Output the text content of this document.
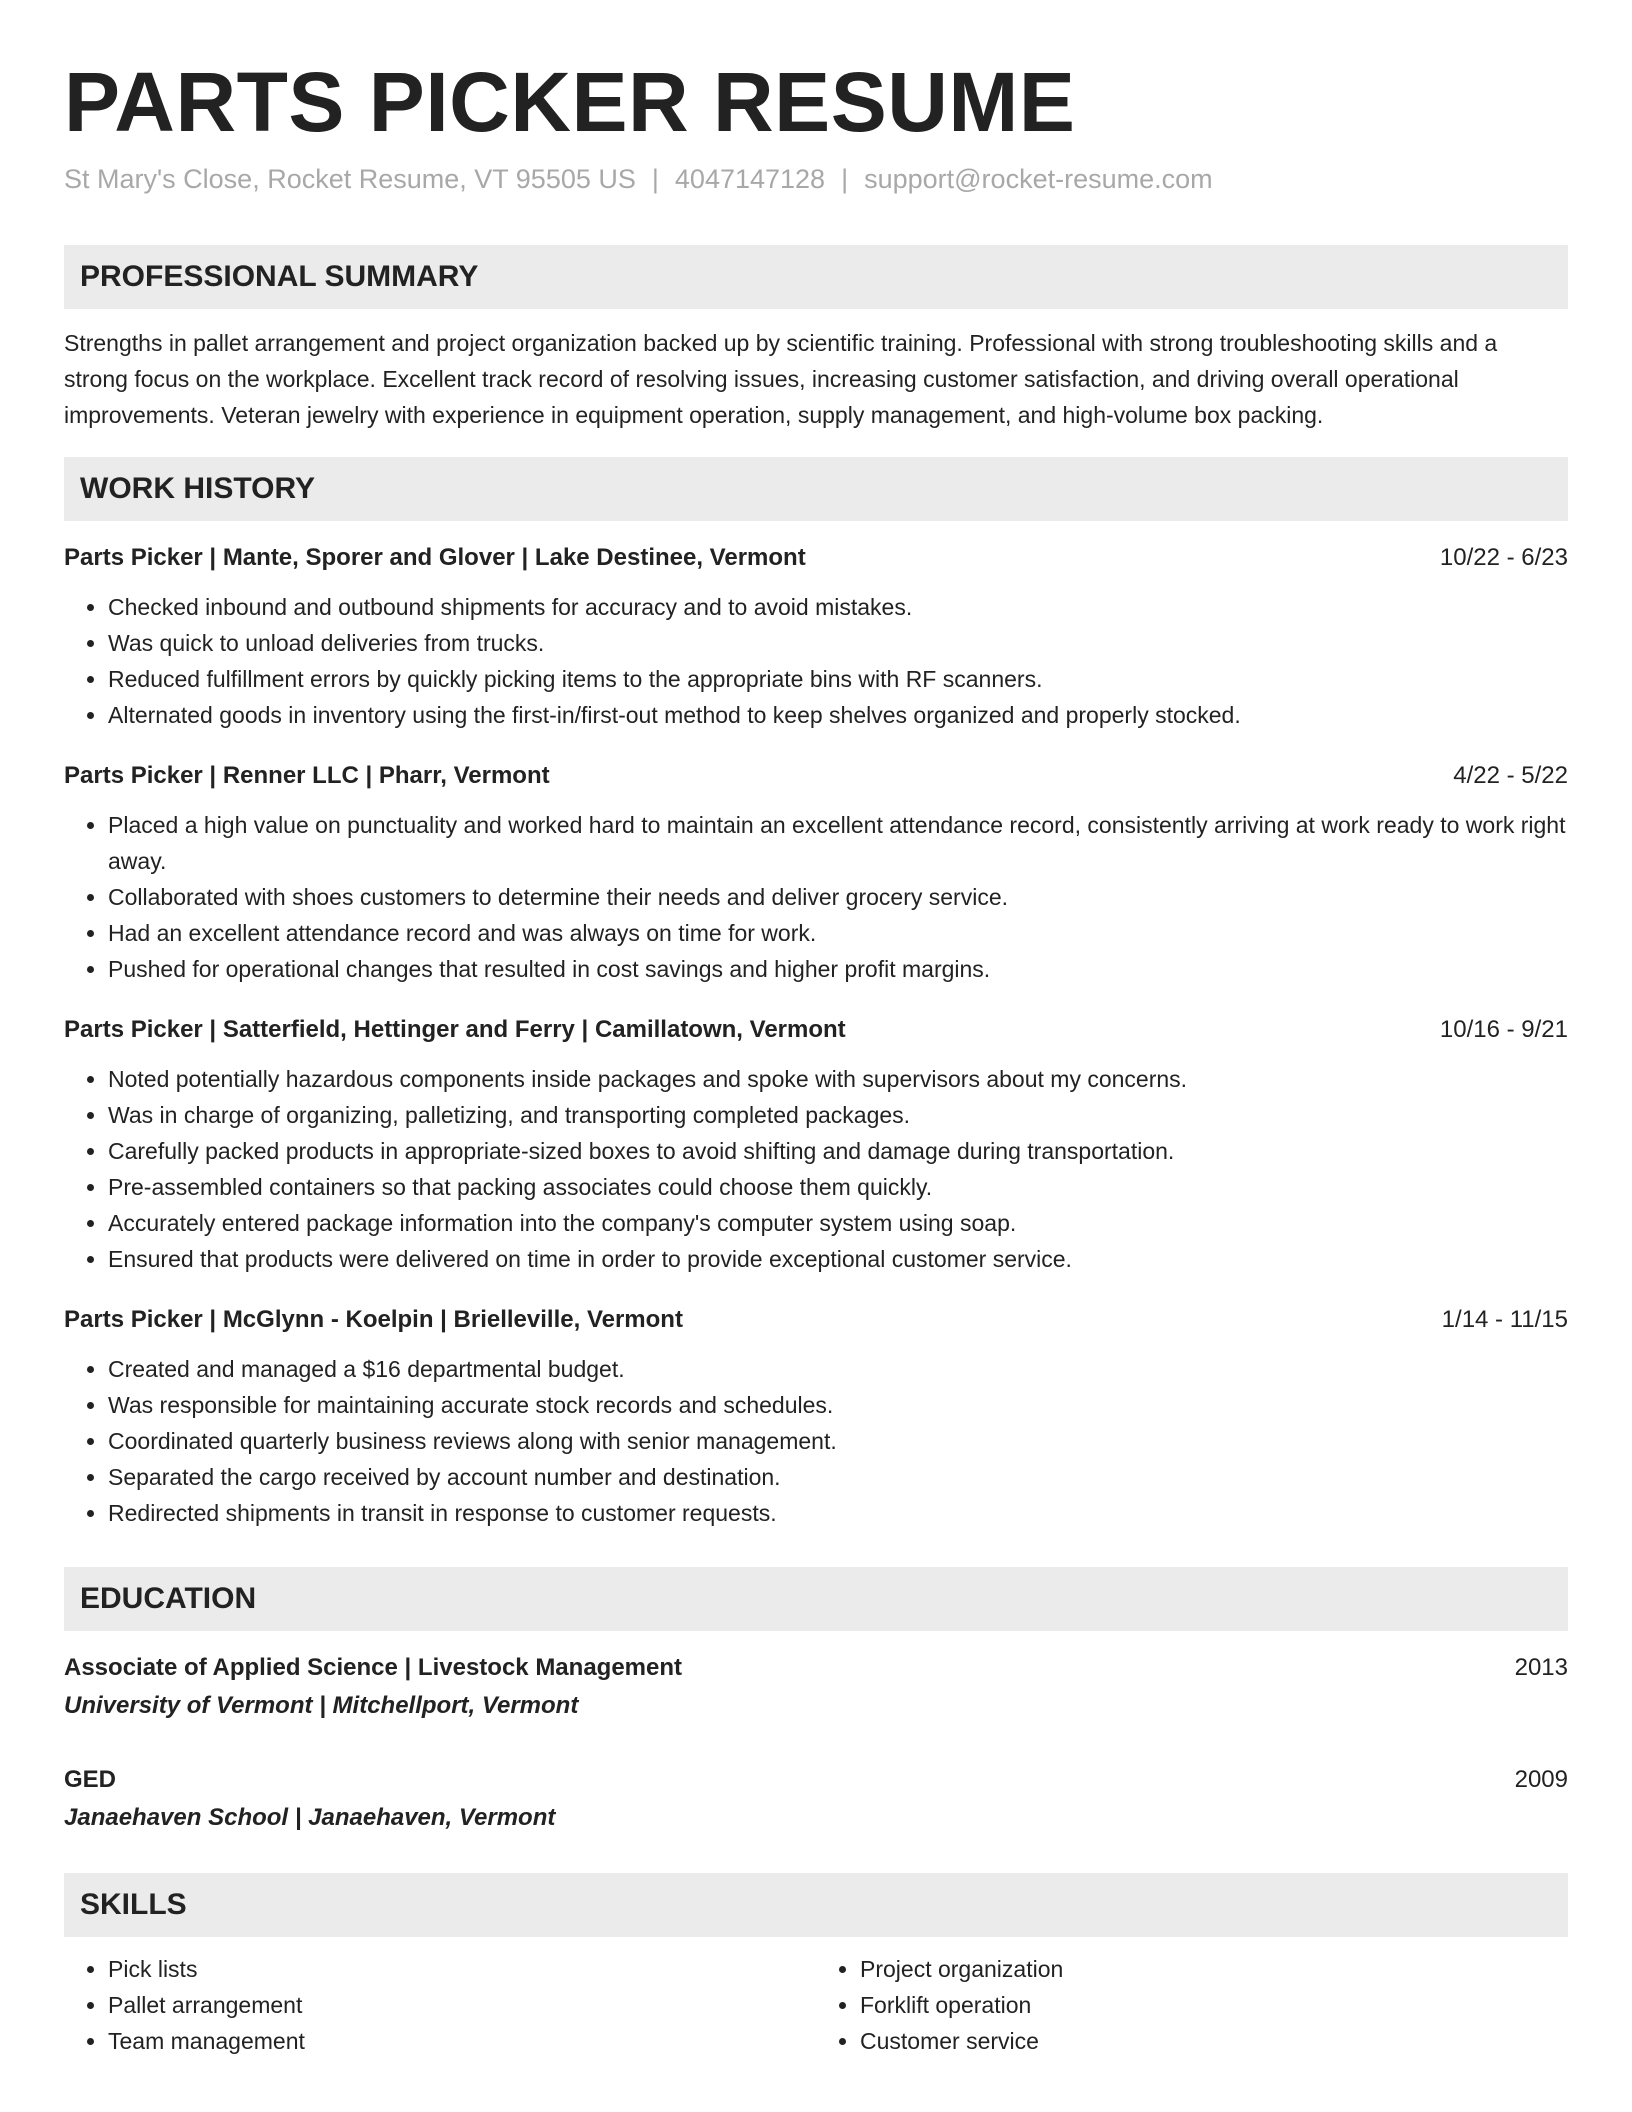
PARTS PICKER RESUME
St Mary's Close, Rocket Resume, VT 95505 US | 4047147128 | support@rocket-resume.com
PROFESSIONAL SUMMARY

Strengths in pallet arrangement and project organization backed up by scientific training. Professional with strong troubleshooting skills and a strong focus on the workplace. Excellent track record of resolving issues, increasing customer satisfaction, and driving overall operational improvements. Veteran jewelry with experience in equipment operation, supply management, and high-volume box packing.

WORK HISTORY
Parts Picker | Mante, Sporer and Glover | Lake Destinee, Vermont	10/22 - 6/23
• Checked inbound and outbound shipments for accuracy and to avoid mistakes.
• Was quick to unload deliveries from trucks.
• Reduced fulfillment errors by quickly picking items to the appropriate bins with RF scanners.
• Alternated goods in inventory using the first-in/first-out method to keep shelves organized and properly stocked.
Parts Picker | Renner LLC | Pharr, Vermont	4/22 - 5/22
• Placed a high value on punctuality and worked hard to maintain an excellent attendance record, consistently arriving at work ready to work right away.
• Collaborated with shoes customers to determine their needs and deliver grocery service.
• Had an excellent attendance record and was always on time for work.
• Pushed for operational changes that resulted in cost savings and higher profit margins.
Parts Picker | Satterfield, Hettinger and Ferry | Camillatown, Vermont	10/16 - 9/21
• Noted potentially hazardous components inside packages and spoke with supervisors about my concerns.
• Was in charge of organizing, palletizing, and transporting completed packages.
• Carefully packed products in appropriate-sized boxes to avoid shifting and damage during transportation.
• Pre-assembled containers so that packing associates could choose them quickly.
• Accurately entered package information into the company's computer system using soap.
• Ensured that products were delivered on time in order to provide exceptional customer service.
Parts Picker | McGlynn - Koelpin | Brielleville, Vermont	1/14 - 11/15
• Created and managed a $16 departmental budget.
• Was responsible for maintaining accurate stock records and schedules.
• Coordinated quarterly business reviews along with senior management.
• Separated the cargo received by account number and destination.
• Redirected shipments in transit in response to customer requests.
EDUCATION
Associate of Applied Science | Livestock Management	2013
University of Vermont | Mitchellport, Vermont
GED	2009
Janaehaven School | Janaehaven, Vermont
SKILLS
• Pick lists
• Pallet arrangement
• Team management
• Project organization
• Forklift operation
• Customer service
